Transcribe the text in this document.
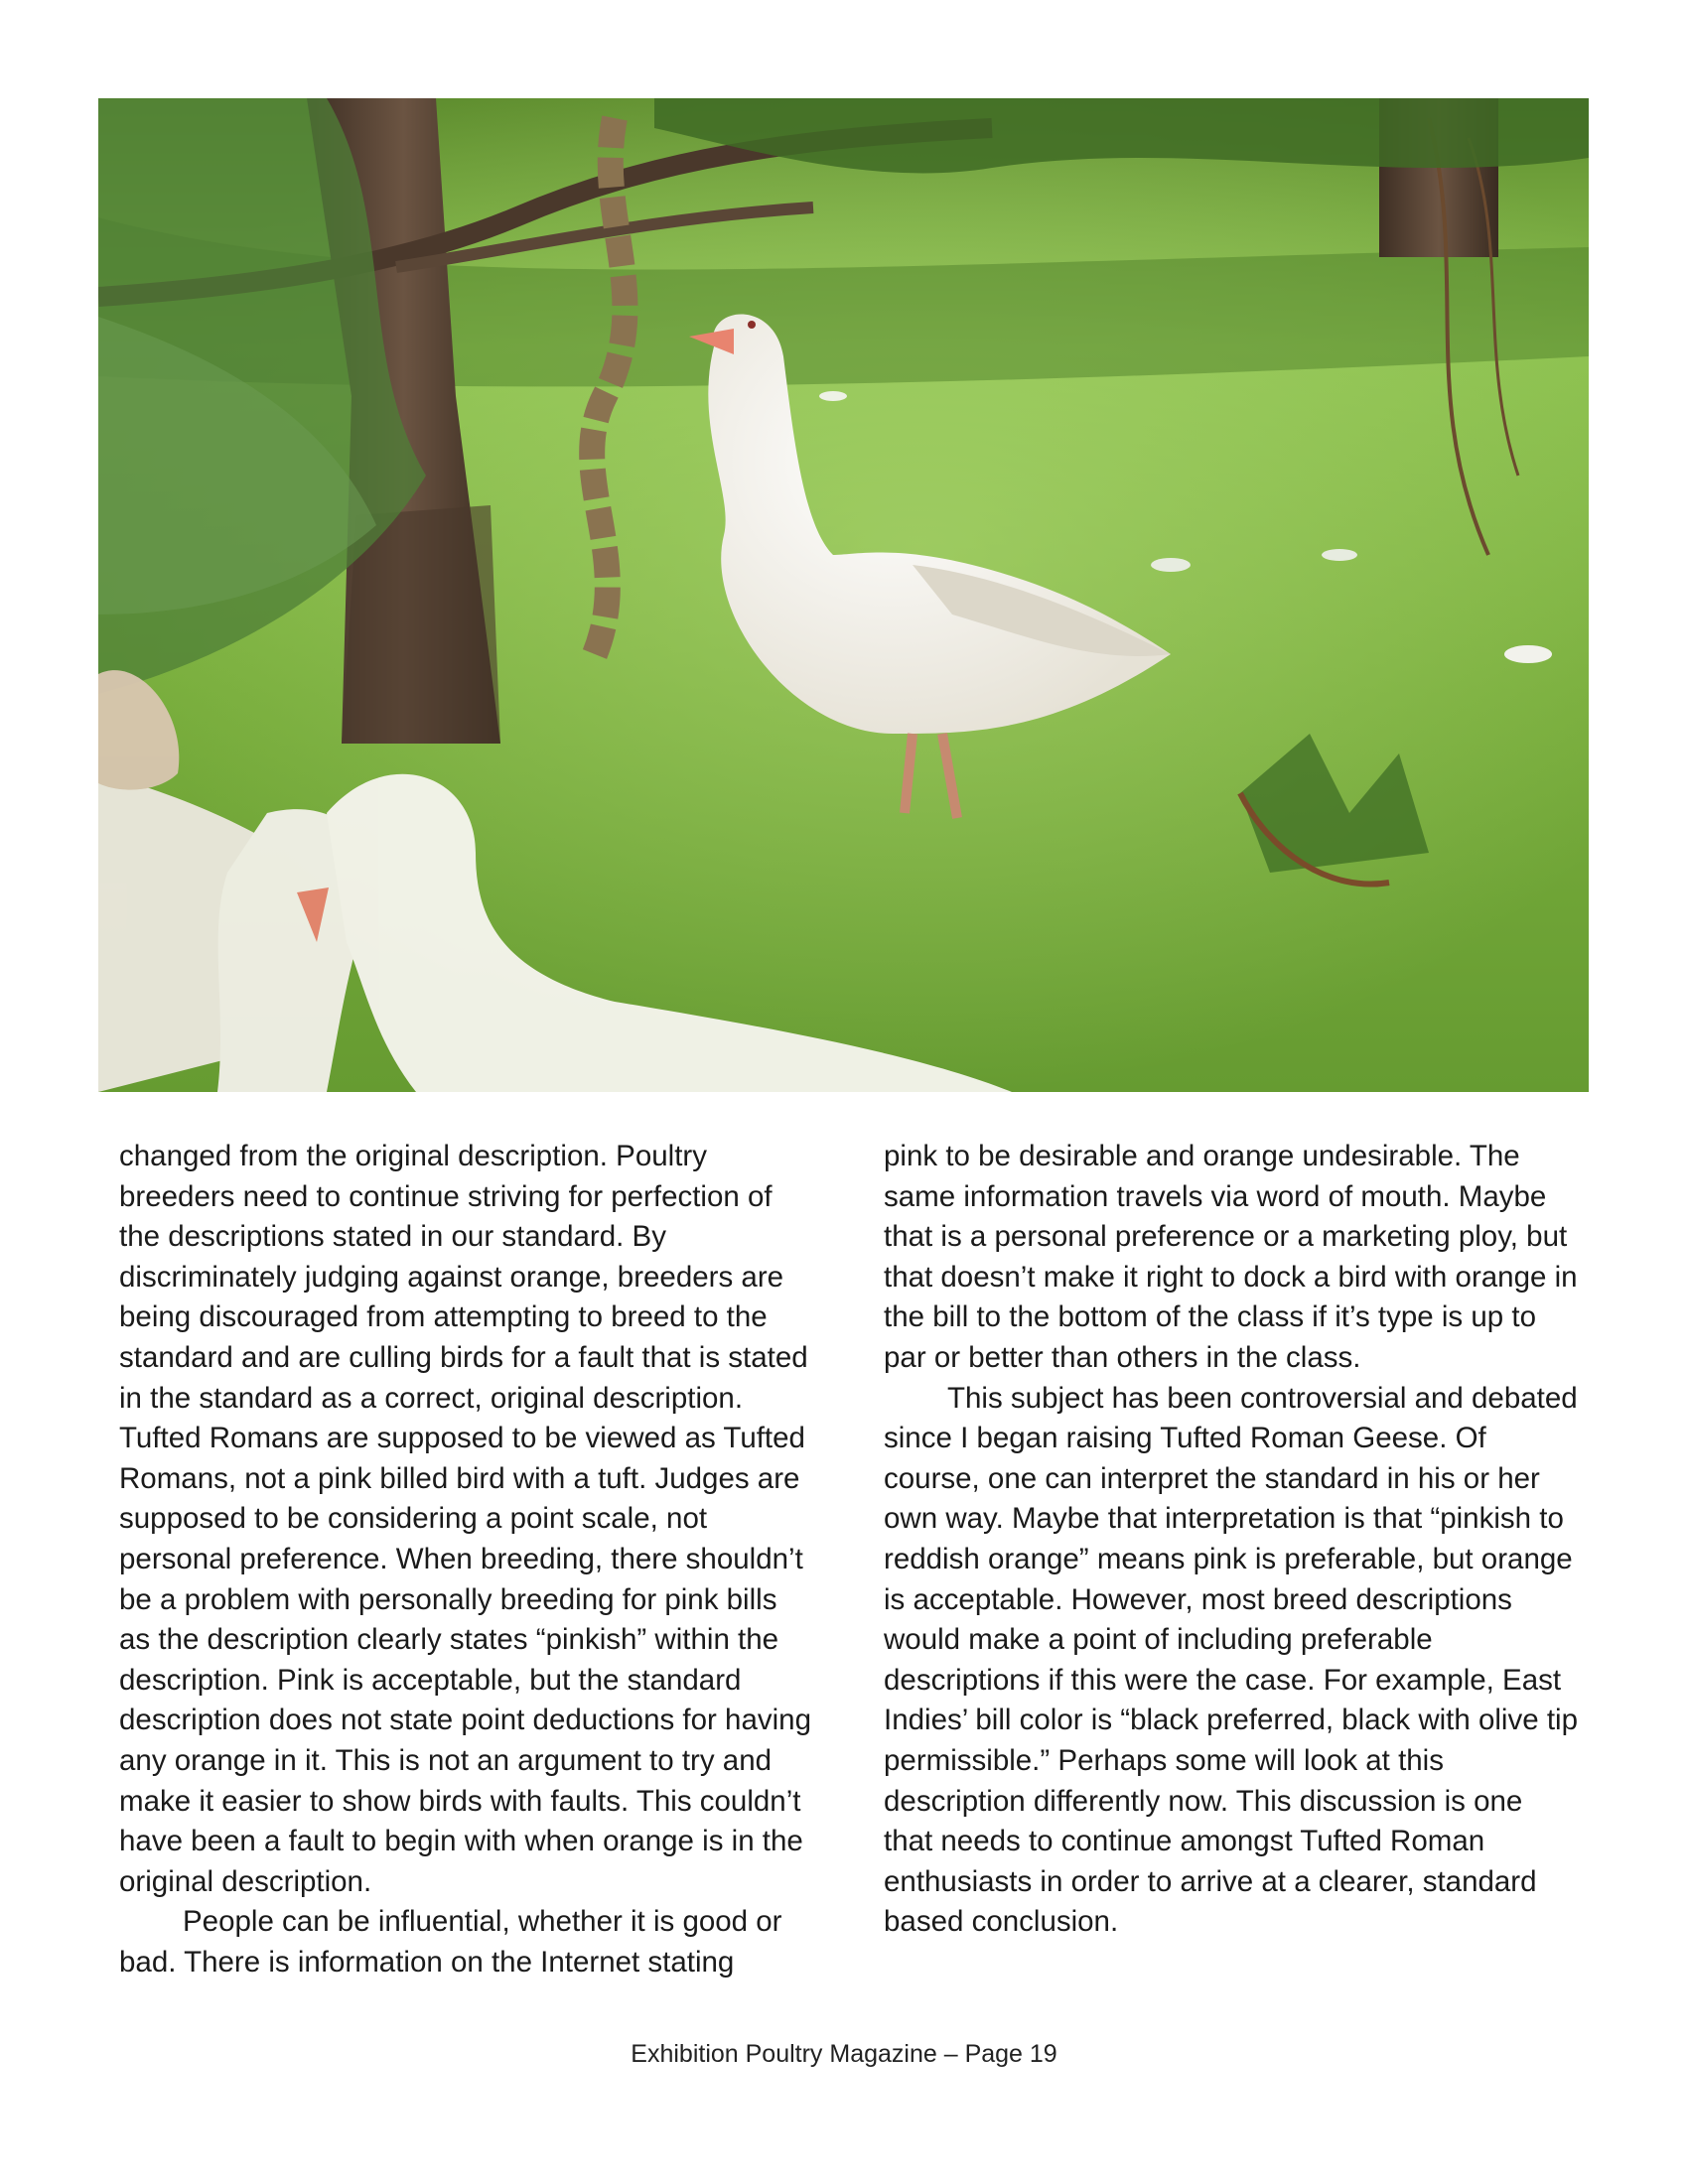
changed from the original description. Poultry breeders need to continue striving for perfection of the descriptions stated in our standard. By discriminately judging against orange, breeders are being discouraged from attempting to breed to the standard and are culling birds for a fault that is stated in the standard as a correct, original description. Tufted Romans are supposed to be viewed as Tufted Romans, not a pink billed bird with a tuft. Judges are supposed to be considering a point scale, not personal preference. When breeding, there shouldn’t be a problem with personally breeding for pink bills as the description clearly states “pinkish” within the description. Pink is acceptable, but the standard description does not state point deductions for having any orange in it. This is not an argument to try and make it easier to show birds with faults. This couldn’t have been a fault to begin with when orange is in the original description.

People can be influential, whether it is good or bad. There is information on the Internet stating

pink to be desirable and orange undesirable. The same information travels via word of mouth. Maybe that is a personal preference or a marketing ploy, but that doesn’t make it right to dock a bird with orange in the bill to the bottom of the class if it’s type is up to par or better than others in the class.

This subject has been controversial and debated since I began raising Tufted Roman Geese. Of course, one can interpret the standard in his or her own way. Maybe that interpretation is that “pinkish to reddish orange” means pink is preferable, but orange is acceptable. However, most breed descriptions would make a point of including preferable descriptions if this were the case. For example, East Indies’ bill color is “black preferred, black with olive tip permissible.” Perhaps some will look at this description differently now. This discussion is one that needs to continue amongst Tufted Roman enthusiasts in order to arrive at a clearer, standard based conclusion.

Exhibition Poultry Magazine – Page 19
